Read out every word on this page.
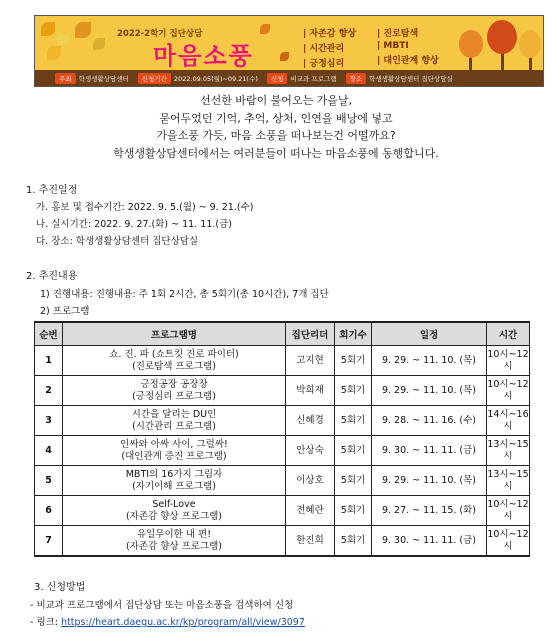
2022-2학기 집단상담
마음소풍
| 자존감 향상
| 시간관리
| 긍정심리
| 진로탐색
| MBTI
| 대인관계 향상
주최	학생생활상담센터	신청기간	2022.09.05(월)~09.21(수)	신청	비교과 프로그램	장소	학생생활상담센터 집단상담실
선선한 바람이 불어오는 가을날,
묻어두었던 기억, 추억, 상처, 인연을 배낭에 넣고
가을소풍 가듯, 마음 소풍을 떠나보는건 어떨까요?
학생생활상담센터에서는 여러분들이 떠나는 마음소풍에 동행합니다.
1. 추진일정
가. 홍보 및 접수기간: 2022. 9. 5.(월) ~ 9. 21.(수)
나. 실시기간: 2022. 9. 27.(화) ~ 11. 11.(금)
다. 장소: 학생생활상담센터 집단상담실
2. 추진내용
1) 진행내용: 진행내용: 주 1회 2시간, 총 5회기(총 10시간), 7개 집단
2) 프로그램
순번	프로그램명	집단리더	회기수	일정	시간
1	쇼. 진. 파 (쇼트킷 진로 파이터)
(진로탐색 프로그램)	고지현	5회기	9. 29. ~ 11. 10. (목)	10시~12시
2	긍정공장 공장장
(긍정심리 프로그램)	박희재	5회기	9. 29. ~ 11. 10. (목)	10시~12시
3	시간을 달리는 DU인
(시간관리 프로그램)	신혜경	5회기	9. 28. ~ 11. 16. (수)	14시~16시
4	인싸와 아싸 사이, 그럴싸!
(대인관계 증진 프로그램)	안상숙	5회기	9. 30. ~ 11. 11. (금)	13시~15시
5	MBTI의 16가지 그림자
(자기이해 프로그램)	이상호	5회기	9. 29. ~ 11. 10. (목)	13시~15시
6	Self-Love
(자존감 향상 프로그램)	전혜란	5회기	9. 27. ~ 11. 15. (화)	10시~12시
7	유일무이한 내 편!
(자존감 향상 프로그램)	한진희	5회기	9. 30. ~ 11. 11. (금)	10시~12시
3. 신청방법
- 비교과 프로그램에서 집단상담 또는 마음소풍을 검색하여 신청
- 링크: https://heart.daegu.ac.kr/kp/program/all/view/3097
